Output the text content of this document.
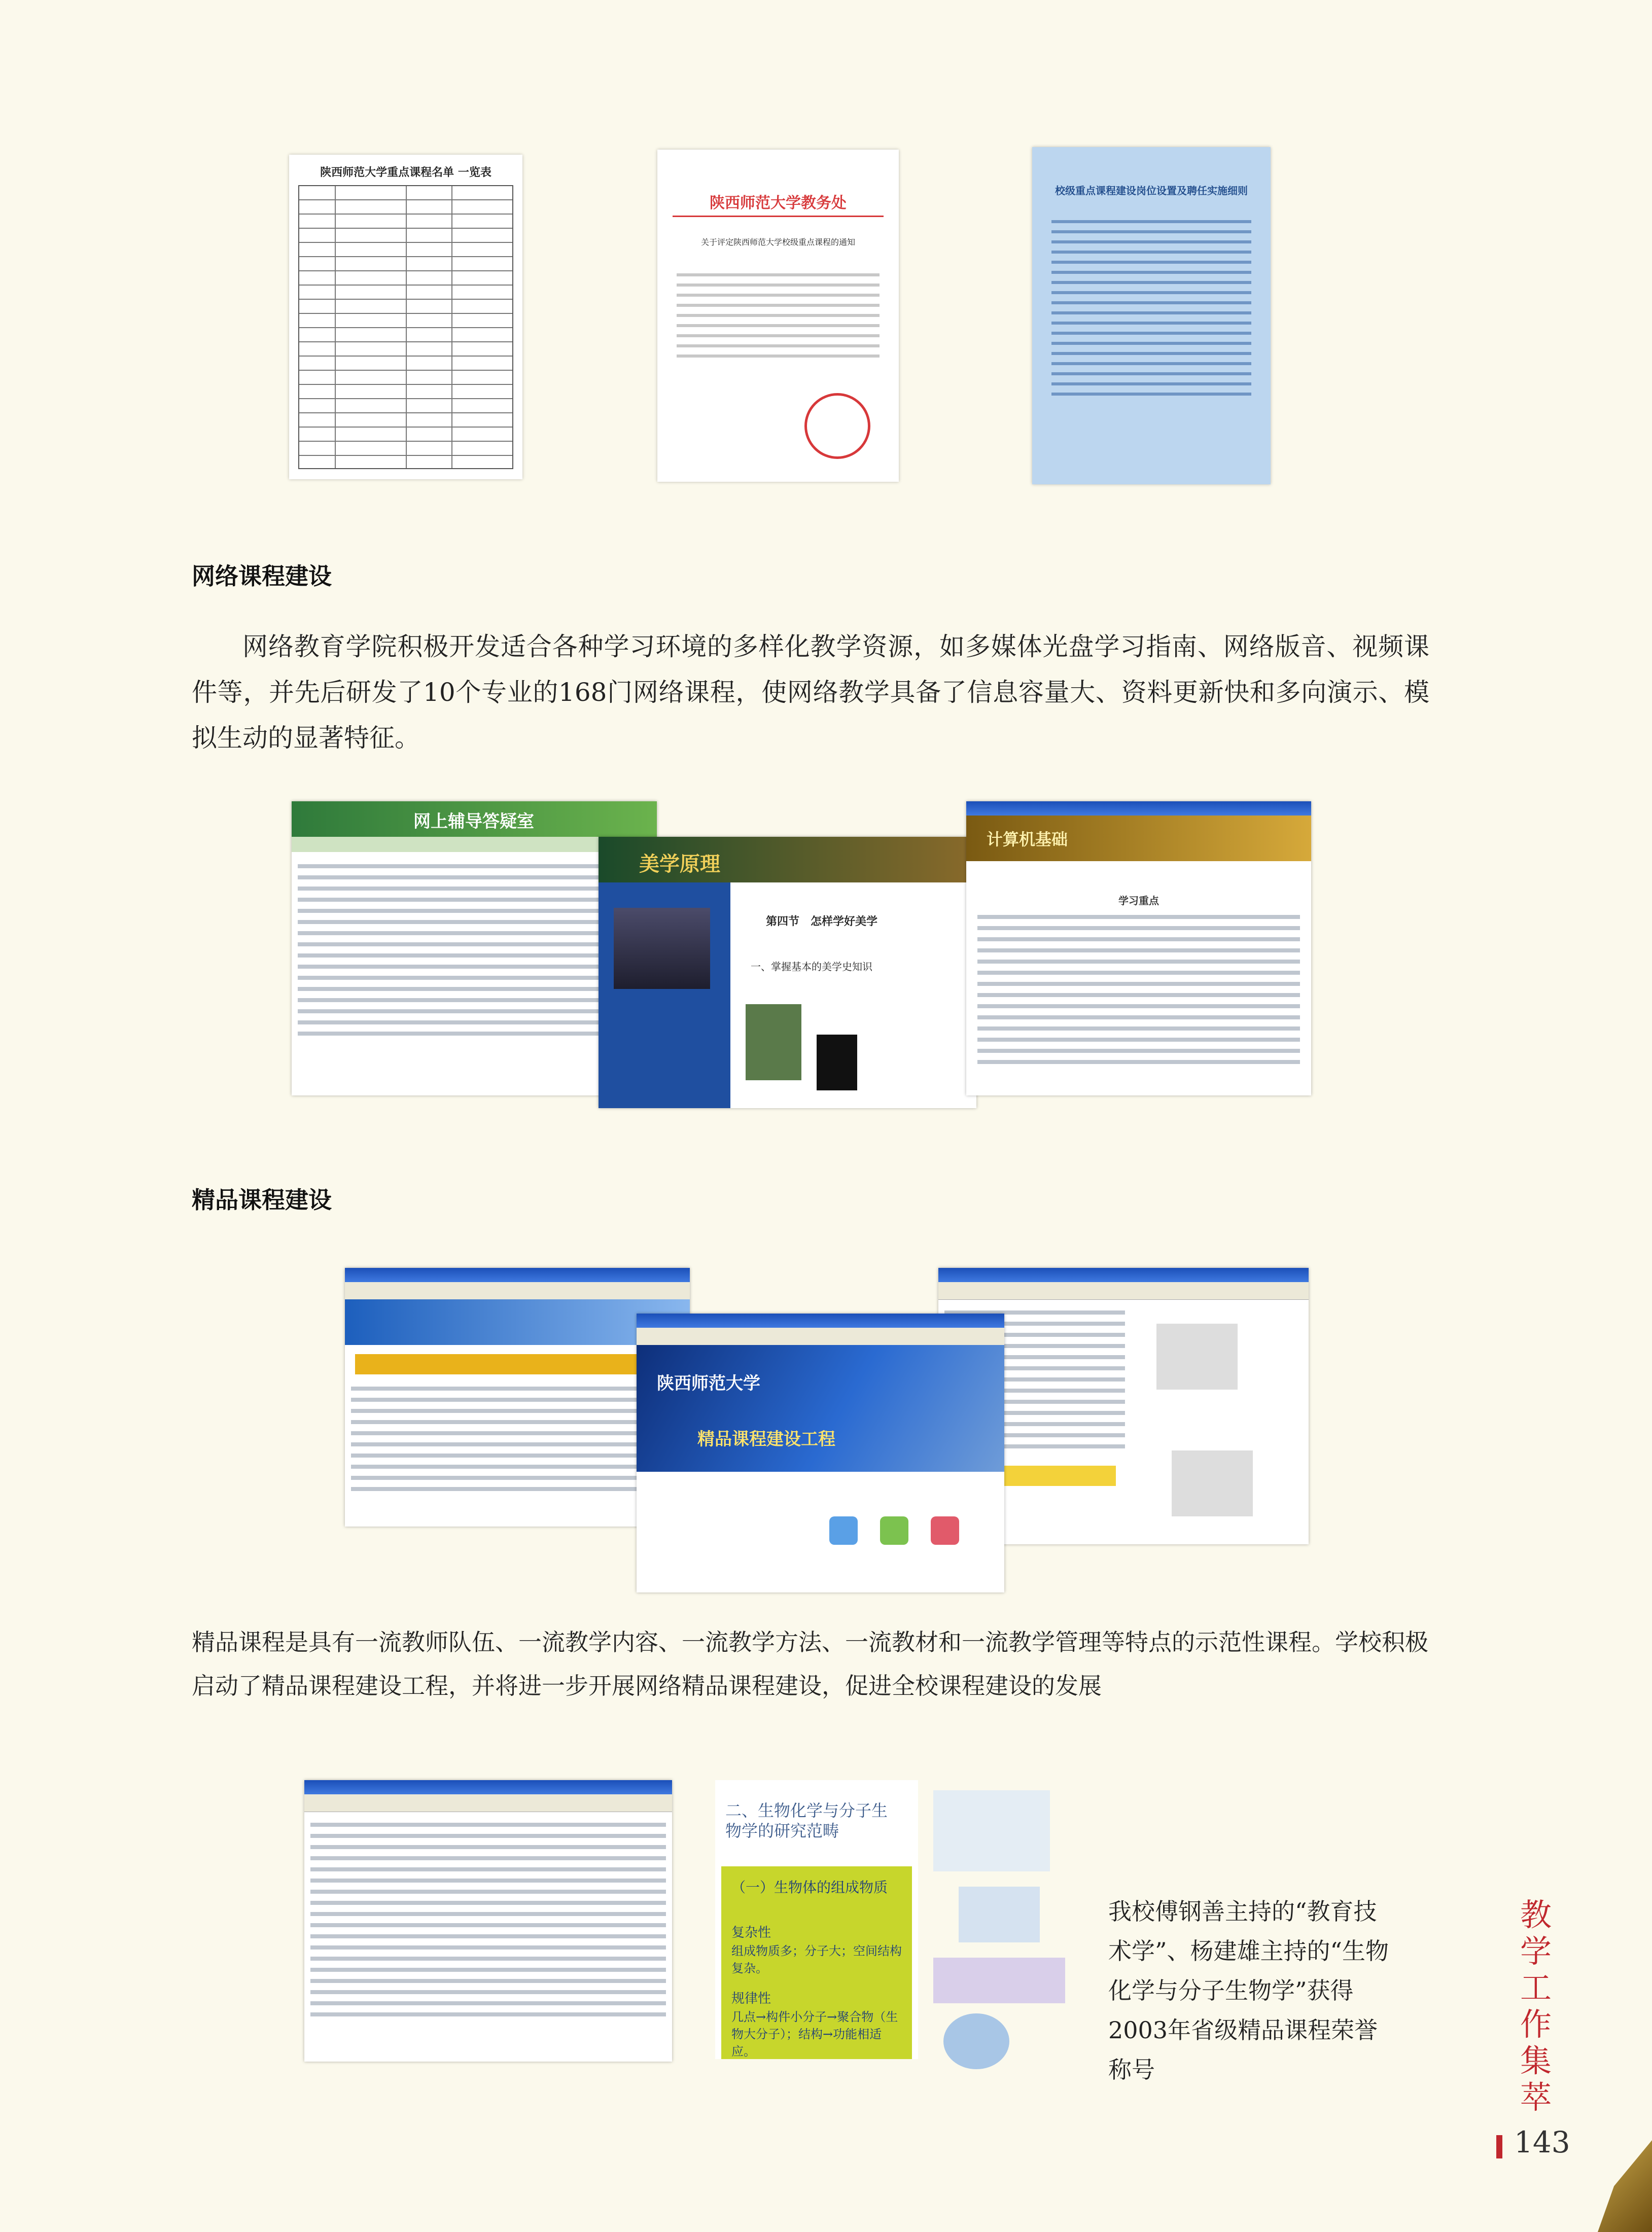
陕西师范大学重点课程名单 一览表
陕西师范大学教务处
关于评定陕西师范大学校级重点课程的通知
校级重点课程建设岗位设置及聘任实施细则
网络课程建设
网络教育学院积极开发适合各种学习环境的多样化教学资源，如多媒体光盘学习指南、网络版音、视频课件等，并先后研发了10个专业的168门网络课程，使网络教学具备了信息容量大、资料更新快和多向演示、模拟生动的显著特征。
网上辅导答疑室
美学原理
第四节　怎样学好美学
一、掌握基本的美学史知识
计算机基础
学习重点
精品课程建设
陕西师范大学
精品课程建设工程
精品课程是具有一流教师队伍、一流教学内容、一流教学方法、一流教材和一流教学管理等特点的示范性课程。学校积极启动了精品课程建设工程，并将进一步开展网络精品课程建设，促进全校课程建设的发展
二、生物化学与分子生物学的研究范畴
（一）生物体的组成物质
复杂性
组成物质多；分子大；空间结构复杂。
规律性
几点→构件小分子→聚合物（生物大分子）；结构→功能相适应。
我校傅钢善主持的“教育技术学”、杨建雄主持的“生物化学与分子生物学”获得2003年省级精品课程荣誉称号
教学工作集萃
143
